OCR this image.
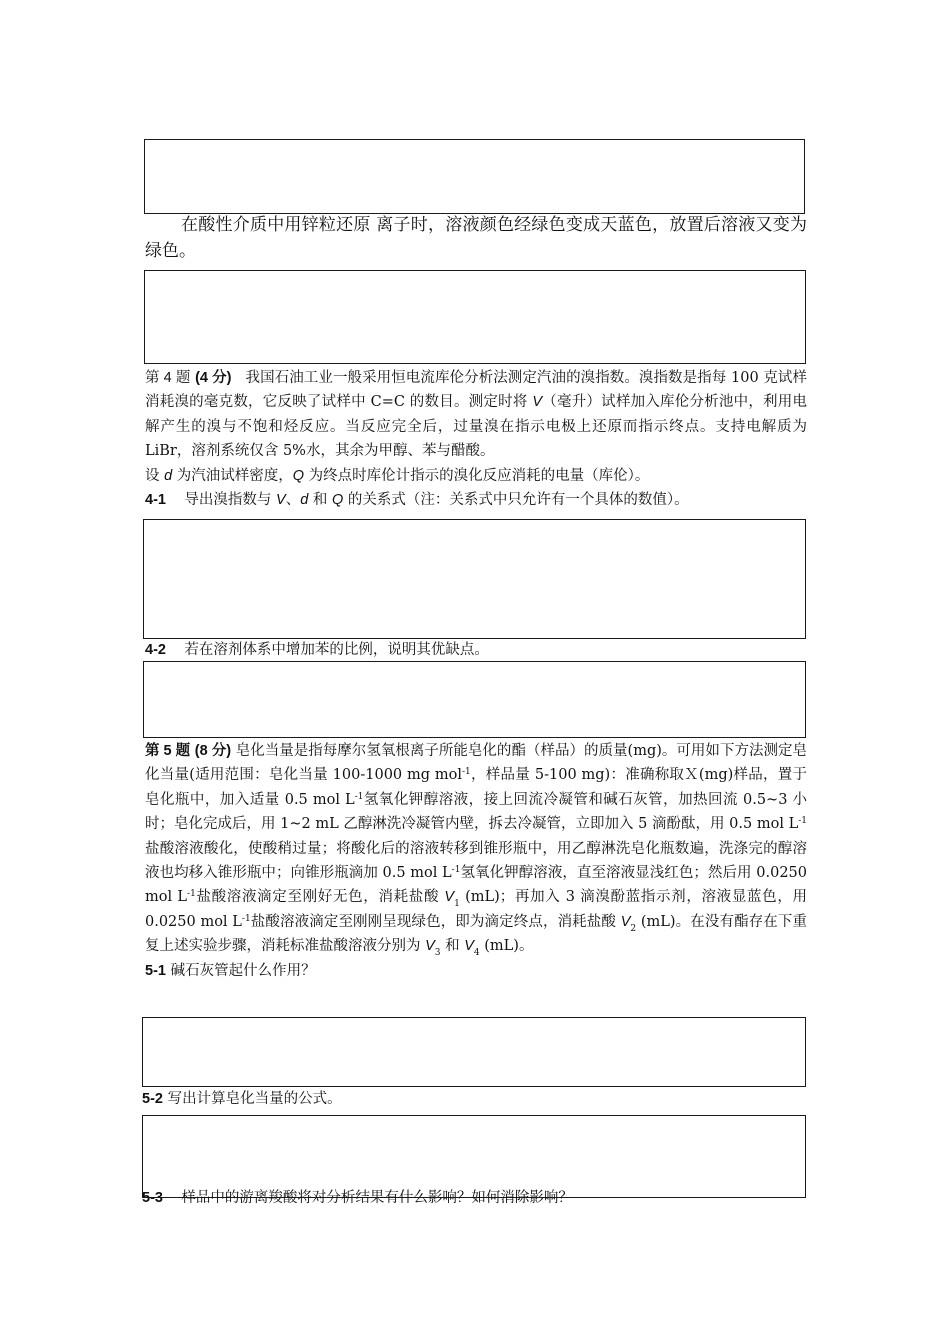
在酸性介质中用锌粒还原 离子时，溶液颜色经绿色变成天蓝色，放置后溶液又变为绿色。
第 4 题 (4 分) 我国石油工业一般采用恒电流库伦分析法测定汽油的溴指数。溴指数是指每 100 克试样消耗溴的毫克数，它反映了试样中 C=C 的数目。测定时将 V（毫升）试样加入库伦分析池中，利用电解产生的溴与不饱和烃反应。当反应完全后，过量溴在指示电极上还原而指示终点。支持电解质为 LiBr，溶剂系统仅含 5%水，其余为甲醇、苯与醋酸。
设 d 为汽油试样密度，Q 为终点时库伦计指示的溴化反应消耗的电量（库伦）。
4-1 导出溴指数与 V、d 和 Q 的关系式（注：关系式中只允许有一个具体的数值）。
4-2 若在溶剂体系中增加苯的比例，说明其优缺点。
第 5 题 (8 分) 皂化当量是指每摩尔氢氧根离子所能皂化的酯（样品）的质量(mg)。可用如下方法测定皂化当量(适用范围：皂化当量 100-1000 mg mol$^{-1}$，样品量 5-100 mg)：准确称取Ｘ(mg)样品，置于皂化瓶中，加入适量 0.5 mol $L^{-1}$氢氧化钾醇溶液，接上回流冷凝管和碱石灰管，加热回流 0.5~3 小时；皂化完成后，用 1~2 mL 乙醇淋洗冷凝管内壁，拆去冷凝管，立即加入 5 滴酚酞，用 0.5 mol $L^{-1}$盐酸溶液酸化，使酸稍过量；将酸化后的溶液转移到锥形瓶中，用乙醇淋洗皂化瓶数遍，洗涤完的醇溶液也均移入锥形瓶中；向锥形瓶滴加 0.5 mol $L^{-1}$氢氧化钾醇溶液，直至溶液显浅红色；然后用 0.0250 mol $L^{-1}$盐酸溶液滴定至刚好无色，消耗盐酸 $V_1$ (mL)；再加入 3 滴溴酚蓝指示剂，溶液显蓝色，用 0.0250 mol $L^{-1}$盐酸溶液滴定至刚刚呈现绿色，即为滴定终点，消耗盐酸 $V_2$ (mL)。在没有酯存在下重复上述实验步骤，消耗标准盐酸溶液分别为 $V_3$ 和 $V_4$ (mL)。
5-1 碱石灰管起什么作用？
5-2 写出计算皂化当量的公式。
5-3 样品中的游离羧酸将对分析结果有什么影响？如何消除影响？
